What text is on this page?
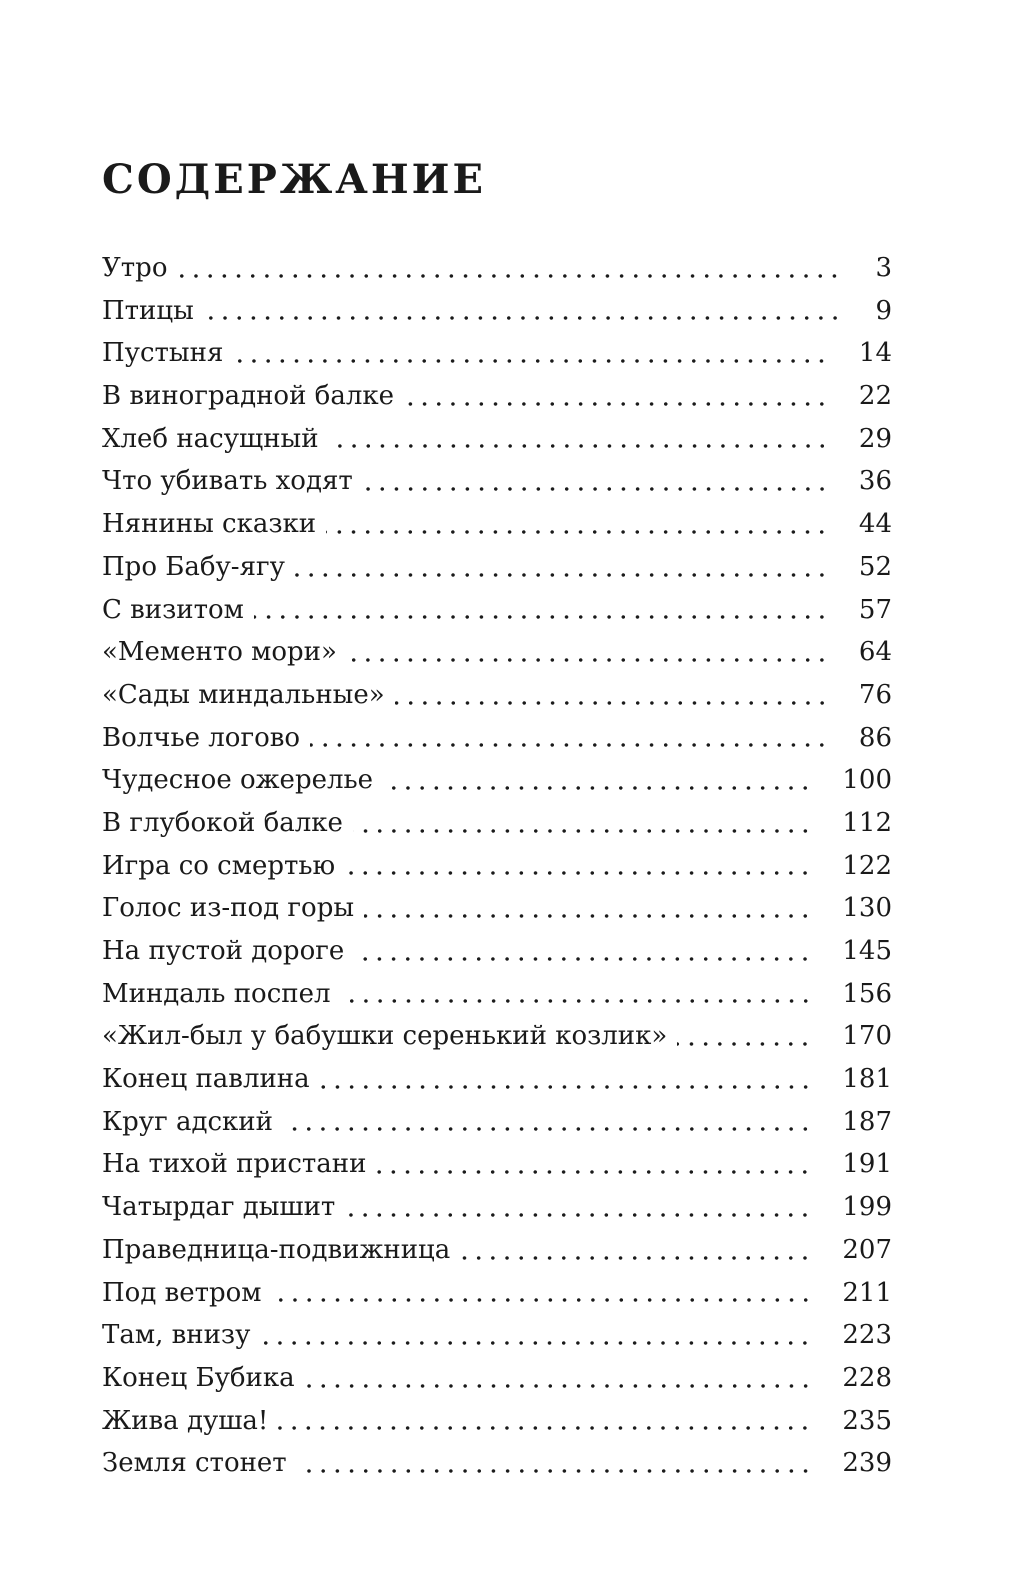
СОДЕРЖАНИЕ
Утро	3
Птицы	9
Пустыня	14
В виноградной балке	22
Хлеб насущный	29
Что убивать ходят	36
Нянины сказки	44
Про Бабу-ягу	52
С визитом	57
«Мементо мори»	64
«Сады миндальные»	76
Волчье логово	86
Чудесное ожерелье	100
В глубокой балке	112
Игра со смертью	122
Голос из-под горы	130
На пустой дороге	145
Миндаль поспел	156
«Жил-был у бабушки серенький козлик»	170
Конец павлина	181
Круг адский	187
На тихой пристани	191
Чатырдаг дышит	199
Праведница-подвижница	207
Под ветром	211
Там, внизу	223
Конец Бубика	228
Жива душа!	235
Земля стонет	239
